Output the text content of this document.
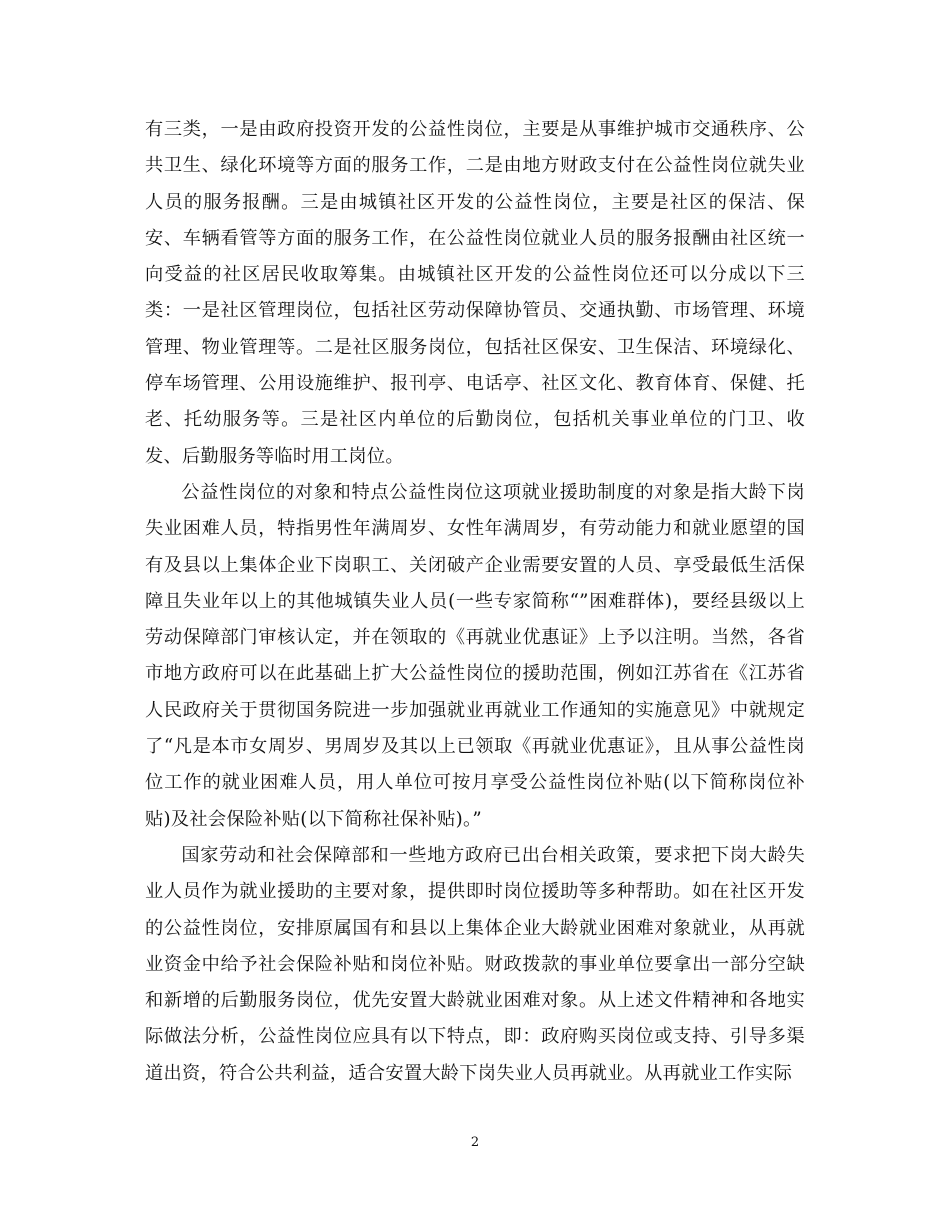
有三类，一是由政府投资开发的公益性岗位，主要是从事维护城市交通秩序、公共卫生、绿化环境等方面的服务工作，二是由地方财政支付在公益性岗位就失业人员的服务报酬。三是由城镇社区开发的公益性岗位，主要是社区的保洁、保安、车辆看管等方面的服务工作，在公益性岗位就业人员的服务报酬由社区统一向受益的社区居民收取筹集。由城镇社区开发的公益性岗位还可以分成以下三类：一是社区管理岗位，包括社区劳动保障协管员、交通执勤、市场管理、环境管理、物业管理等。二是社区服务岗位，包括社区保安、卫生保洁、环境绿化、停车场管理、公用设施维护、报刊亭、电话亭、社区文化、教育体育、保健、托老、托幼服务等。三是社区内单位的后勤岗位，包括机关事业单位的门卫、收发、后勤服务等临时用工岗位。

公益性岗位的对象和特点公益性岗位这项就业援助制度的对象是指大龄下岗失业困难人员，特指男性年满周岁、女性年满周岁，有劳动能力和就业愿望的国有及县以上集体企业下岗职工、关闭破产企业需要安置的人员、享受最低生活保障且失业年以上的其他城镇失业人员(一些专家简称“”困难群体)，要经县级以上劳动保障部门审核认定，并在领取的《再就业优惠证》上予以注明。当然，各省市地方政府可以在此基础上扩大公益性岗位的援助范围，例如江苏省在《江苏省人民政府关于贯彻国务院进一步加强就业再就业工作通知的实施意见》中就规定了“凡是本市女周岁、男周岁及其以上已领取《再就业优惠证》，且从事公益性岗位工作的就业困难人员，用人单位可按月享受公益性岗位补贴(以下简称岗位补贴)及社会保险补贴(以下简称社保补贴)。”

国家劳动和社会保障部和一些地方政府已出台相关政策，要求把下岗大龄失业人员作为就业援助的主要对象，提供即时岗位援助等多种帮助。如在社区开发的公益性岗位，安排原属国有和县以上集体企业大龄就业困难对象就业，从再就业资金中给予社会保险补贴和岗位补贴。财政拨款的事业单位要拿出一部分空缺和新增的后勤服务岗位，优先安置大龄就业困难对象。从上述文件精神和各地实际做法分析，公益性岗位应具有以下特点，即：政府购买岗位或支持、引导多渠道出资，符合公共利益，适合安置大龄下岗失业人员再就业。从再就业工作实际

2
